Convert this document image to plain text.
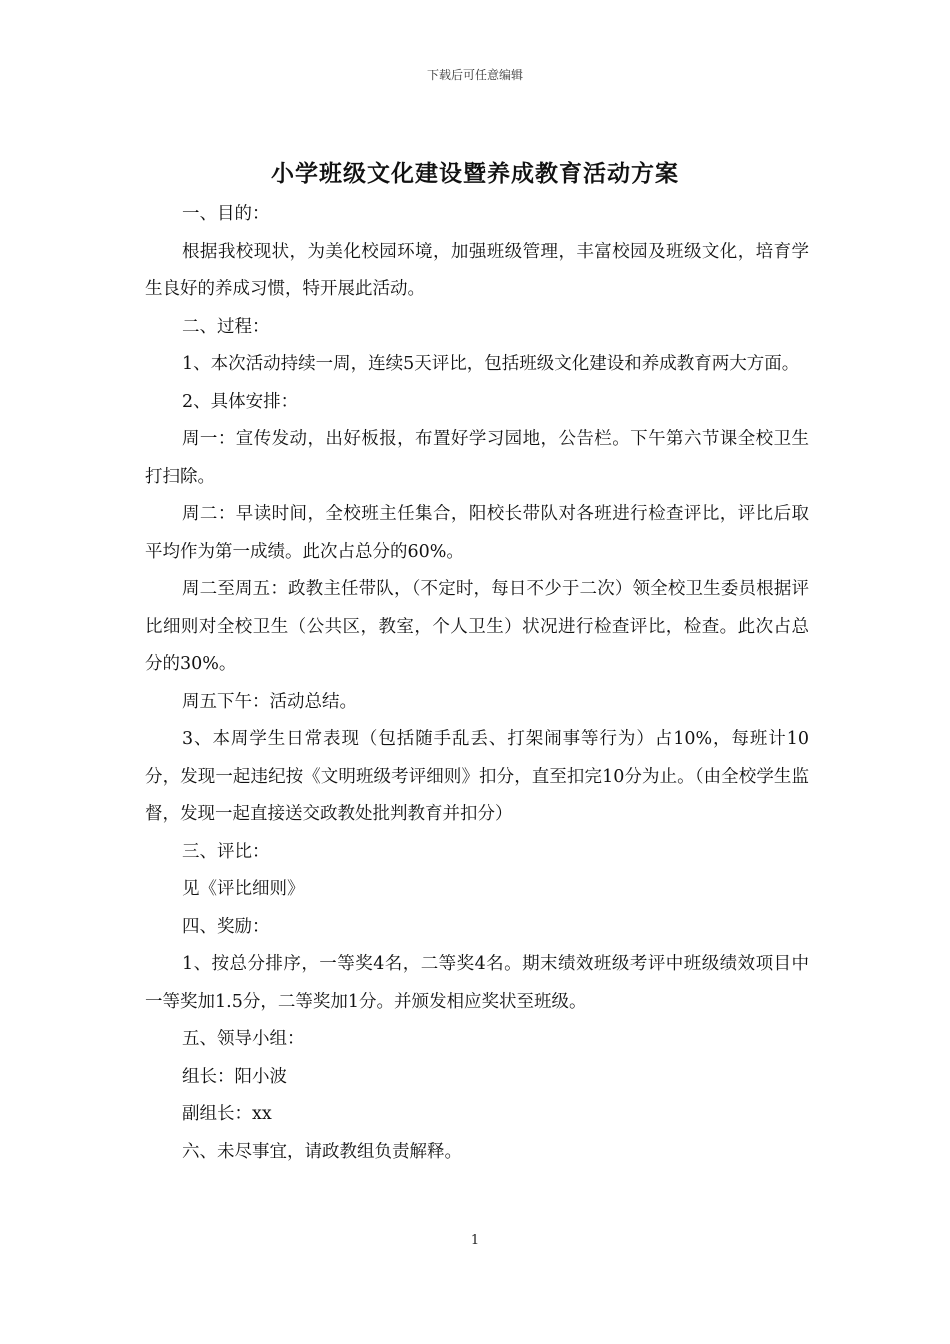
下载后可任意编辑
小学班级文化建设暨养成教育活动方案

一、目的：

根据我校现状，为美化校园环境，加强班级管理，丰富校园及班级文化，培育学生良好的养成习惯，特开展此活动。

二、过程：

1、本次活动持续一周，连续5天评比，包括班级文化建设和养成教育两大方面。

2、具体安排：

周一：宣传发动，出好板报，布置好学习园地，公告栏。下午第六节课全校卫生打扫除。

周二：早读时间，全校班主任集合，阳校长带队对各班进行检查评比，评比后取平均作为第一成绩。此次占总分的60%。

周二至周五：政教主任带队，（不定时，每日不少于二次）领全校卫生委员根据评比细则对全校卫生（公共区，教室，个人卫生）状况进行检查评比，检查。此次占总分的30%。

周五下午：活动总结。

3、本周学生日常表现（包括随手乱丢、打架闹事等行为）占10%，每班计10分，发现一起违纪按《文明班级考评细则》扣分，直至扣完10分为止。（由全校学生监督，发现一起直接送交政教处批判教育并扣分）

三、评比：

见《评比细则》

四、奖励：

1、按总分排序，一等奖4名，二等奖4名。期末绩效班级考评中班级绩效项目中一等奖加1.5分，二等奖加1分。并颁发相应奖状至班级。

五、领导小组：

组长：阳小波

副组长：xx

六、未尽事宜，请政教组负责解释。

1
